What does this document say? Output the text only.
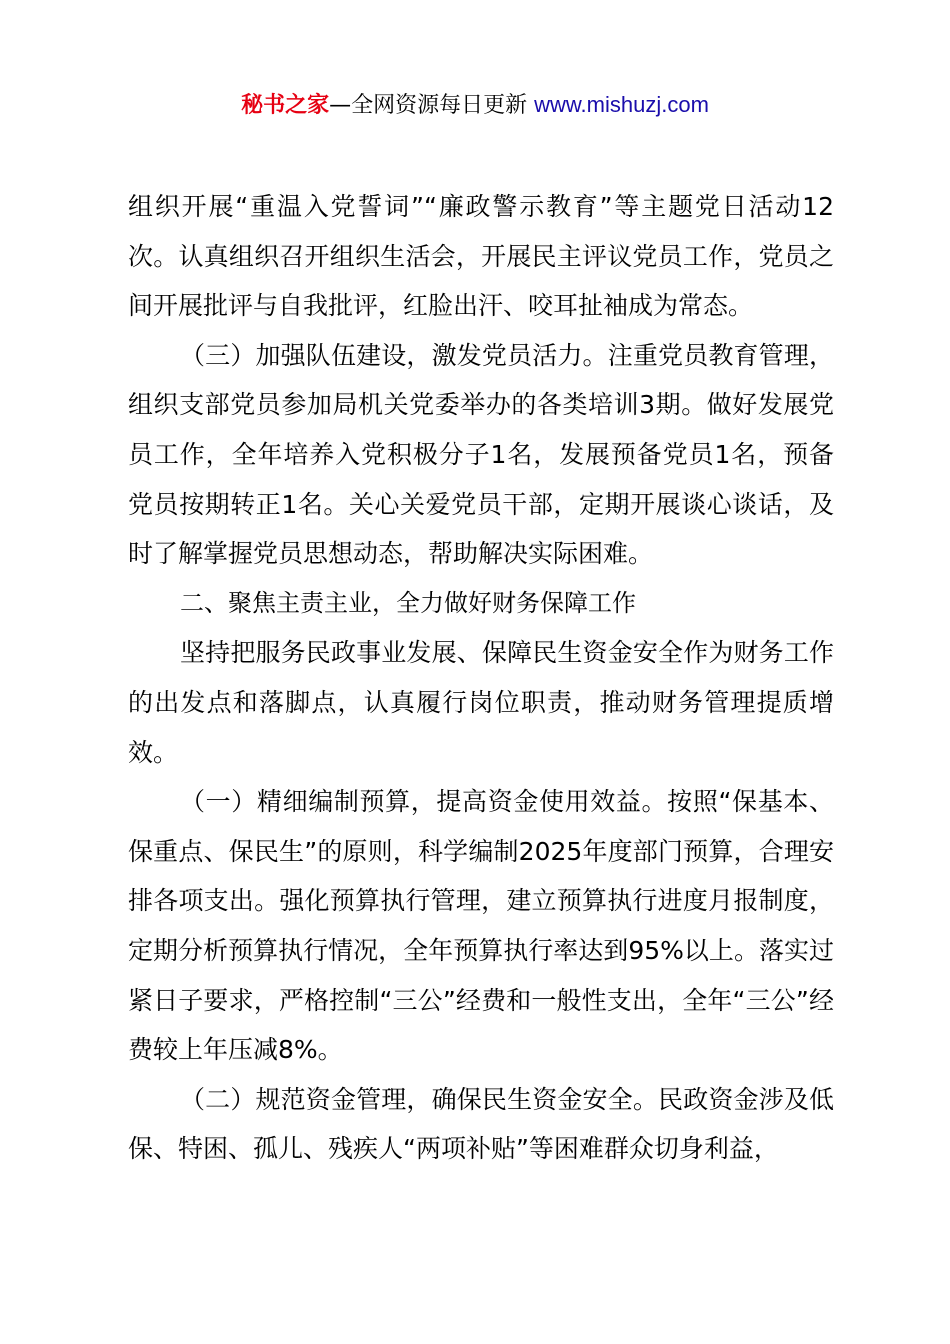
秘书之家—全网资源每日更新 www.mishuzj.com

组织开展“重温入党誓词”“廉政警示教育”等主题党日活动12次。认真组织召开组织生活会，开展民主评议党员工作，党员之间开展批评与自我批评，红脸出汗、咬耳扯袖成为常态。

（三）加强队伍建设，激发党员活力。注重党员教育管理，组织支部党员参加局机关党委举办的各类培训3期。做好发展党员工作，全年培养入党积极分子1名，发展预备党员1名，预备党员按期转正1名。关心关爱党员干部，定期开展谈心谈话，及时了解掌握党员思想动态，帮助解决实际困难。

二、聚焦主责主业，全力做好财务保障工作

坚持把服务民政事业发展、保障民生资金安全作为财务工作的出发点和落脚点，认真履行岗位职责，推动财务管理提质增效。

（一）精细编制预算，提高资金使用效益。按照“保基本、保重点、保民生”的原则，科学编制2025年度部门预算，合理安排各项支出。强化预算执行管理，建立预算执行进度月报制度，定期分析预算执行情况，全年预算执行率达到95%以上。落实过紧日子要求，严格控制“三公”经费和一般性支出，全年“三公”经费较上年压减8%。

（二）规范资金管理，确保民生资金安全。民政资金涉及低保、特困、孤儿、残疾人“两项补贴”等困难群众切身利益，
